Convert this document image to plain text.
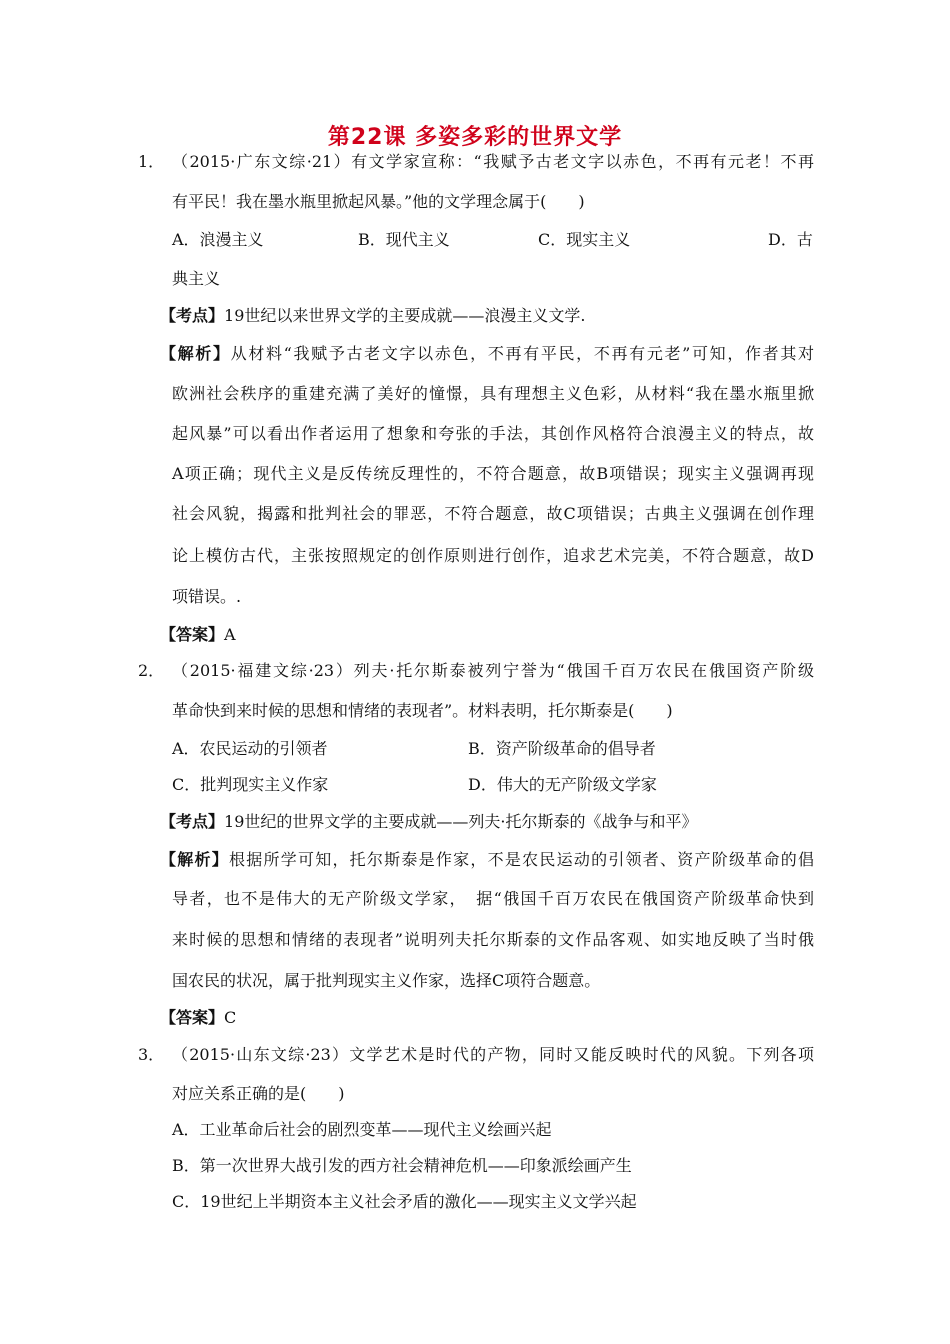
第22课 多姿多彩的世界文学
1． （2015·广东文综·21）有文学家宣称：“我赋予古老文字以赤色，不再有元老！不再
有平民！我在墨水瓶里掀起风暴。”他的文学理念属于(　　)
A．浪漫主义	B．现代主义	C．现实主义	D．古
典主义
【考点】19世纪以来世界文学的主要成就——浪漫主义文学.
【解析】从材料“我赋予古老文字以赤色，不再有平民，不再有元老”可知，作者其对
欧洲社会秩序的重建充满了美好的憧憬，具有理想主义色彩，从材料“我在墨水瓶里掀
起风暴”可以看出作者运用了想象和夸张的手法，其创作风格符合浪漫主义的特点，故
A项正确；现代主义是反传统反理性的，不符合题意，故B项错误；现实主义强调再现
社会风貌，揭露和批判社会的罪恶，不符合题意，故C项错误；古典主义强调在创作理
论上模仿古代，主张按照规定的创作原则进行创作，追求艺术完美，不符合题意，故D
项错误。.
【答案】A
2． （2015·福建文综·23）列夫·托尔斯泰被列宁誉为“俄国千百万农民在俄国资产阶级
革命快到来时候的思想和情绪的表现者”。材料表明，托尔斯泰是(　　)
A．农民运动的引领者	B．资产阶级革命的倡导者
C．批判现实主义作家	D．伟大的无产阶级文学家
【考点】19世纪的世界文学的主要成就——列夫·托尔斯泰的《战争与和平》
【解析】根据所学可知，托尔斯泰是作家，不是农民运动的引领者、资产阶级革命的倡
导者，也不是伟大的无产阶级文学家，　据“俄国千百万农民在俄国资产阶级革命快到
来时候的思想和情绪的表现者”说明列夫托尔斯泰的文作品客观、如实地反映了当时俄
国农民的状况，属于批判现实主义作家，选择C项符合题意。
【答案】C
3． （2015·山东文综·23）文学艺术是时代的产物，同时又能反映时代的风貌。下列各项
对应关系正确的是(　　)
A．工业革命后社会的剧烈变革——现代主义绘画兴起
B．第一次世界大战引发的西方社会精神危机——印象派绘画产生
C．19世纪上半期资本主义社会矛盾的激化——现实主义文学兴起
